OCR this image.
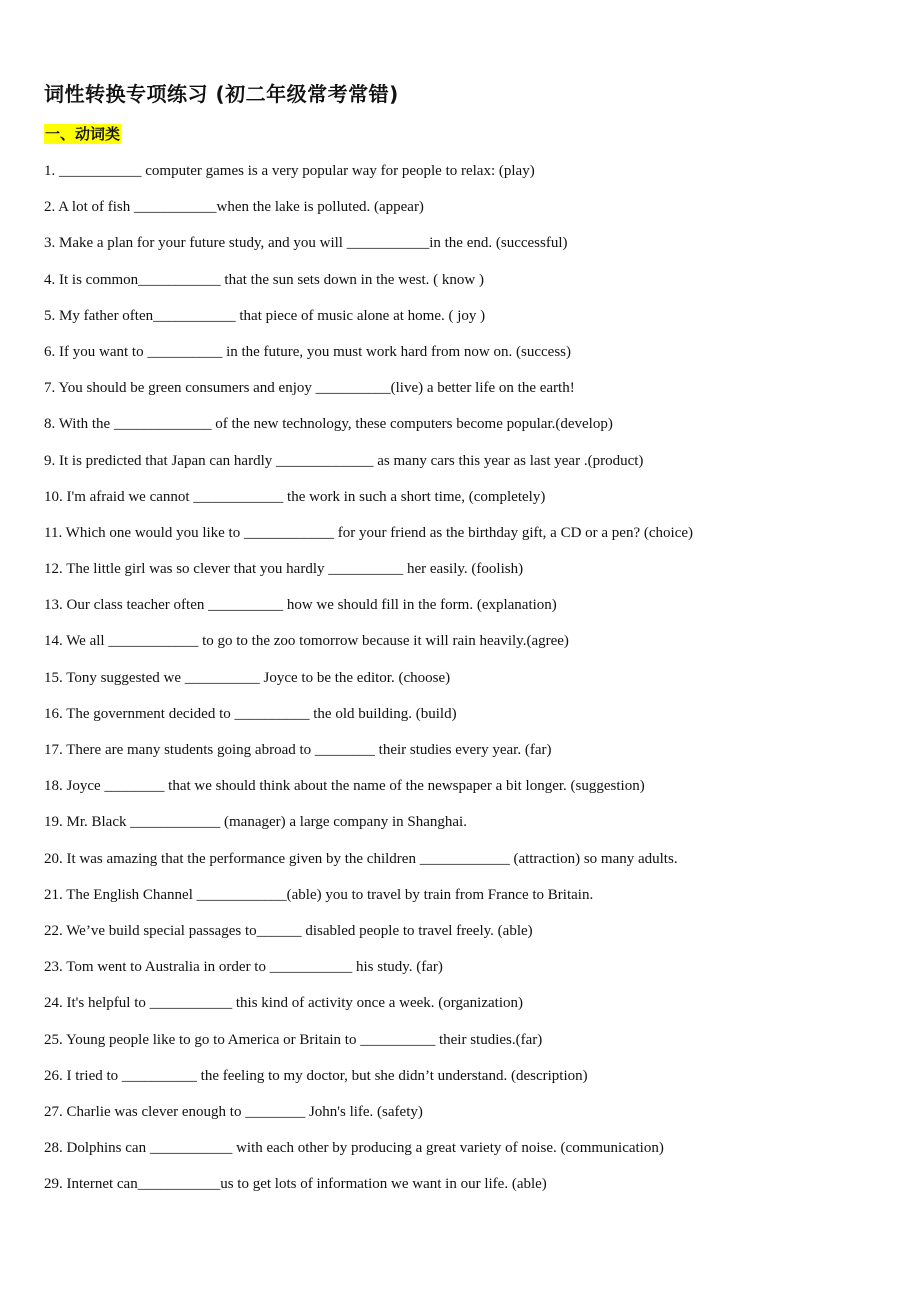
词性转换专项练习 (初二年级常考常错)
一、动词类
1. ___________ computer games is a very popular way for people to relax: (play)
2. A lot of fish ___________when the lake is polluted. (appear)
3. Make a plan for your future study, and you will ___________in the end. (successful)
4. It is common___________ that the sun sets down in the west. ( know )
5. My father often___________ that piece of music alone at home. ( joy )
6. If you want to __________ in the future, you must work hard from now on. (success)
7. You should be green consumers and enjoy __________(live) a better life on the earth!
8. With the _____________ of the new technology, these computers become popular.(develop)
9. It is predicted that Japan can hardly _____________ as many cars this year as last year .(product)
10. I'm afraid we cannot ____________ the work in such a short time, (completely)
11. Which one would you like to ____________ for your friend as the birthday gift, a CD or a pen? (choice)
12. The little girl was so clever that you hardly __________ her easily. (foolish)
13. Our class teacher often __________ how we should fill in the form. (explanation)
14. We all ____________ to go to the zoo tomorrow because it will rain heavily.(agree)
15. Tony suggested we __________ Joyce to be the editor. (choose)
16. The government decided to __________ the old building. (build)
17. There are many students going abroad to ________ their studies every year. (far)
18. Joyce ________ that we should think about the name of the newspaper a bit longer. (suggestion)
19. Mr. Black ____________ (manager) a large company in Shanghai.
20. It was amazing that the performance given by the children ____________ (attraction) so many adults.
21. The English Channel ____________(able) you to travel by train from France to Britain.
22. We’ve build special passages to______ disabled people to travel freely. (able)
23. Tom went to Australia in order to ___________ his study. (far)
24. It's helpful to ___________ this kind of activity once a week. (organization)
25. Young people like to go to America or Britain to __________ their studies.(far)
26. I tried to __________ the feeling to my doctor, but she didn’t understand. (description)
27. Charlie was clever enough to ________ John's life. (safety)
28. Dolphins can ___________ with each other by producing a great variety of noise. (communication)
29. Internet can___________us to get lots of information we want in our life. (able)
